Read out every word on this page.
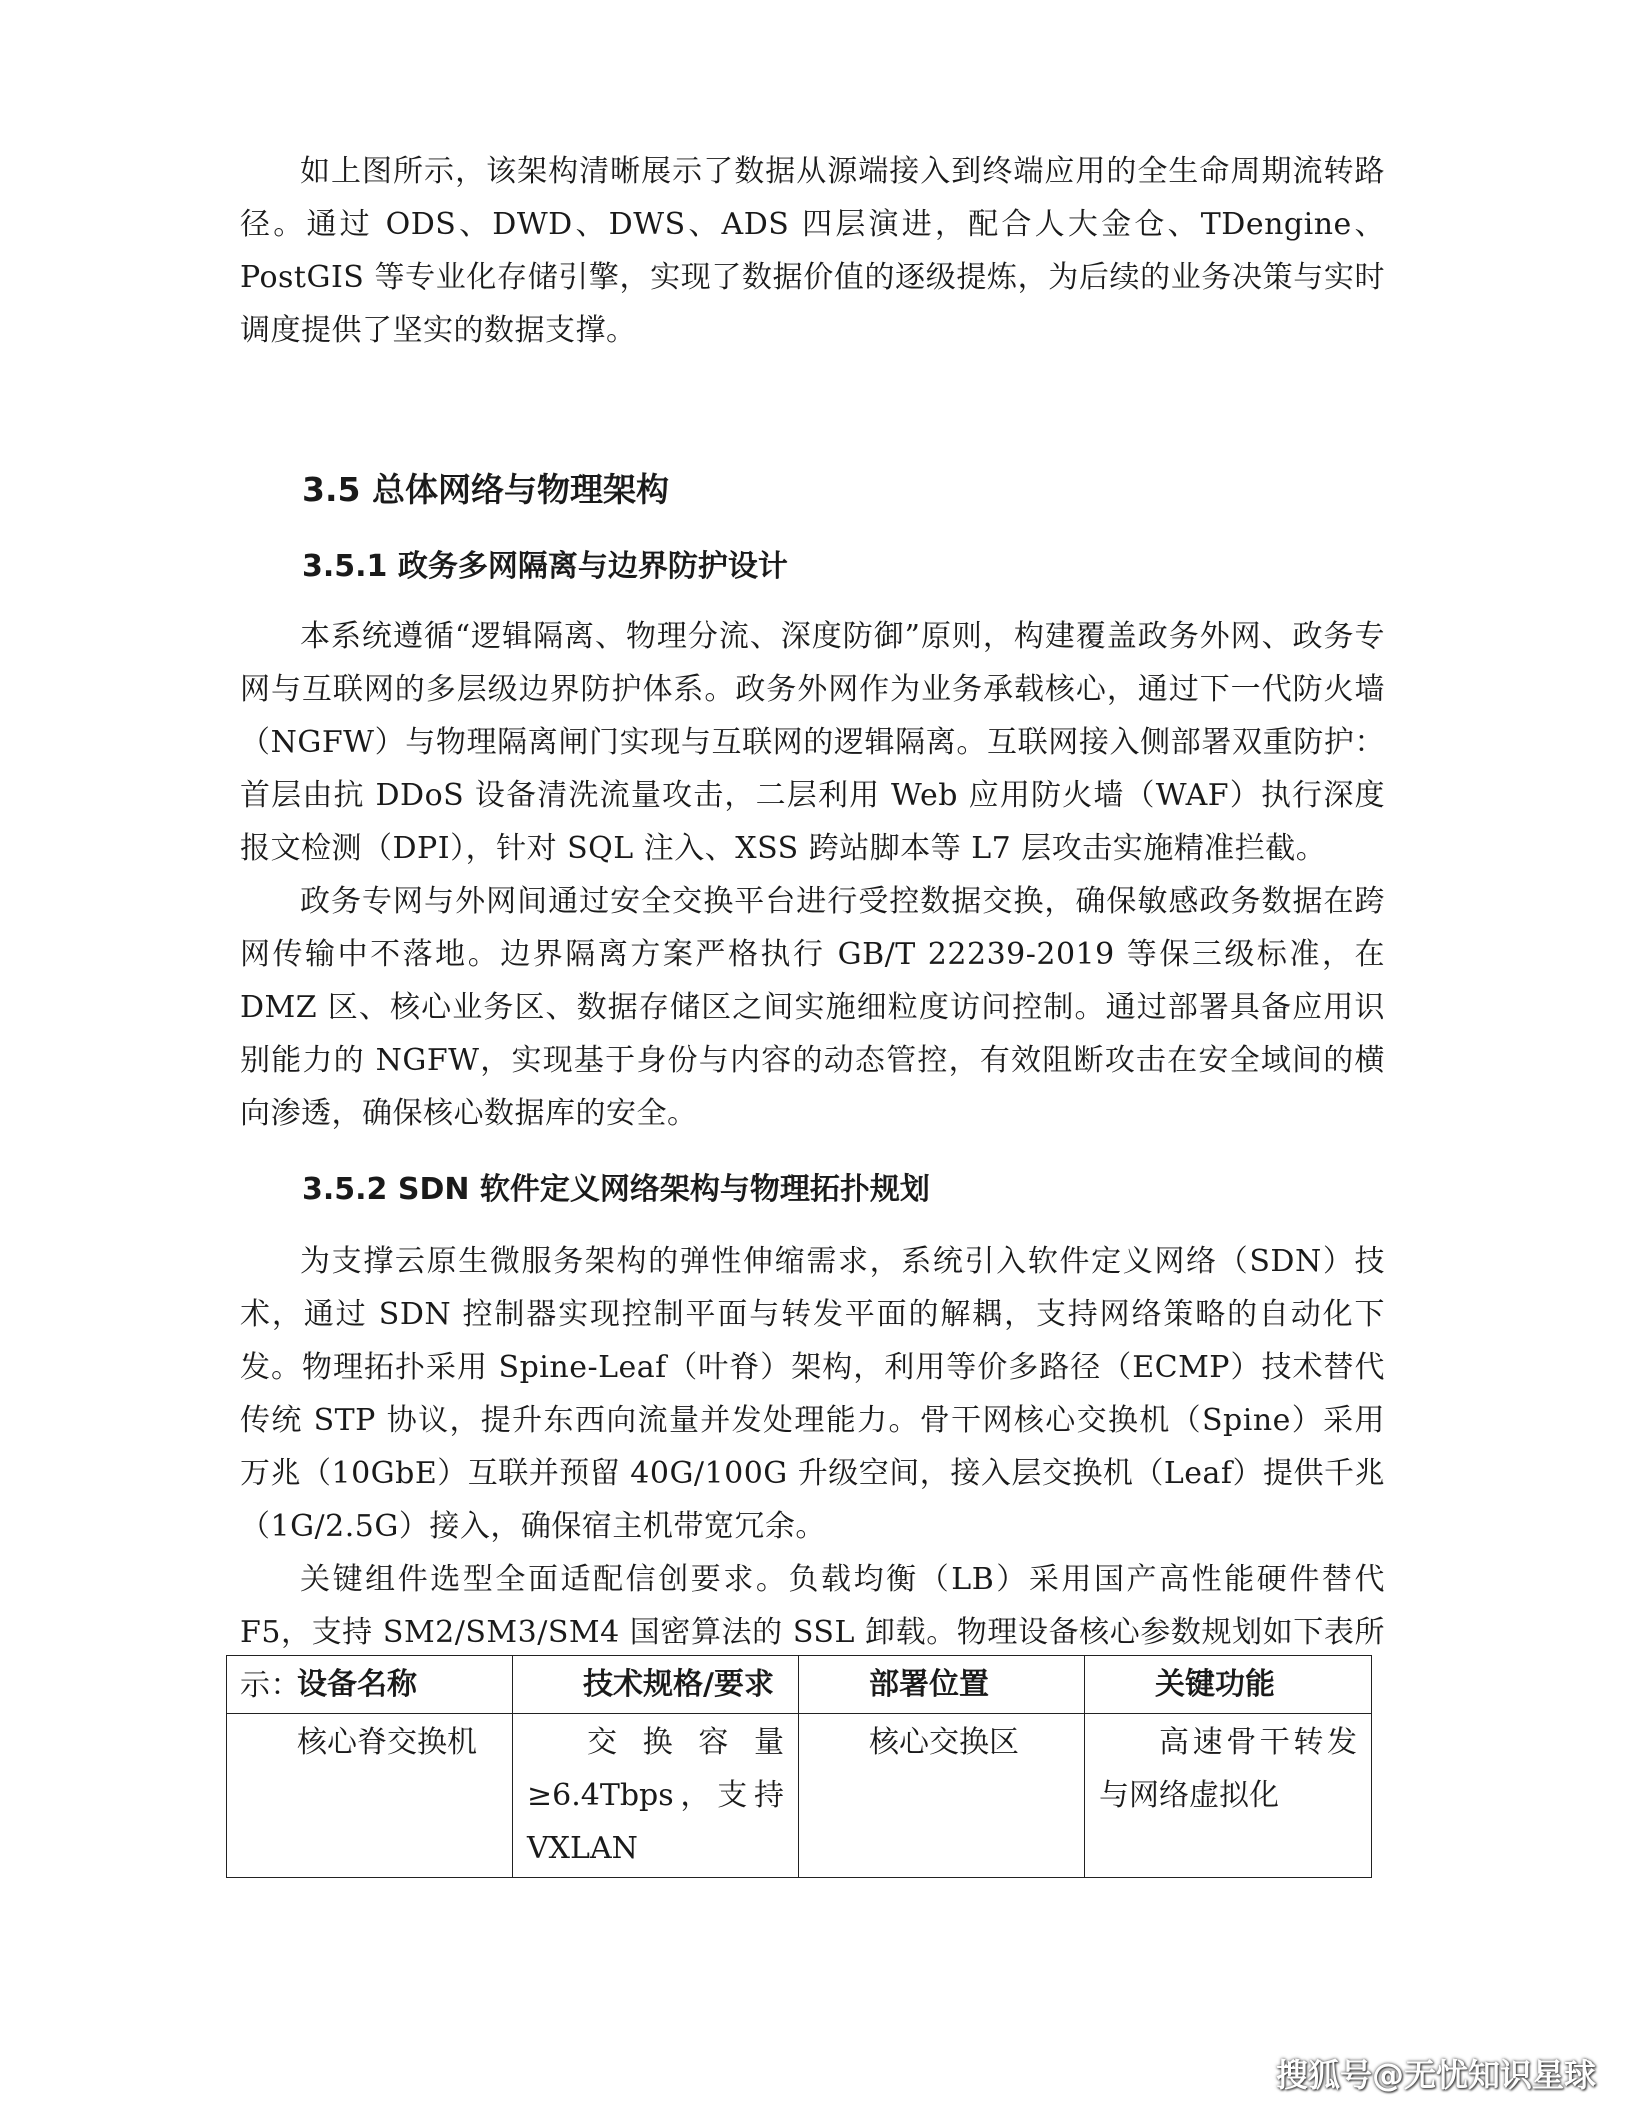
如上图所示，该架构清晰展示了数据从源端接入到终端应用的全生命周期流转路径。通过 ODS、DWD、DWS、ADS 四层演进，配合人大金仓、TDengine、PostGIS 等专业化存储引擎，实现了数据价值的逐级提炼，为后续的业务决策与实时调度提供了坚实的数据支撑。

3.5 总体网络与物理架构
3.5.1 政务多网隔离与边界防护设计

本系统遵循“逻辑隔离、物理分流、深度防御”原则，构建覆盖政务外网、政务专网与互联网的多层级边界防护体系。政务外网作为业务承载核心，通过下一代防火墙（NGFW）与物理隔离闸门实现与互联网的逻辑隔离。互联网接入侧部署双重防护：首层由抗 DDoS 设备清洗流量攻击，二层利用 Web 应用防火墙（WAF）执行深度报文检测（DPI），针对 SQL 注入、XSS 跨站脚本等 L7 层攻击实施精准拦截。

政务专网与外网间通过安全交换平台进行受控数据交换，确保敏感政务数据在跨网传输中不落地。边界隔离方案严格执行 GB/T 22239-2019 等保三级标准，在 DMZ 区、核心业务区、数据存储区之间实施细粒度访问控制。通过部署具备应用识别能力的 NGFW，实现基于身份与内容的动态管控，有效阻断攻击在安全域间的横向渗透，确保核心数据库的安全。

3.5.2 SDN 软件定义网络架构与物理拓扑规划

为支撑云原生微服务架构的弹性伸缩需求，系统引入软件定义网络（SDN）技术，通过 SDN 控制器实现控制平面与转发平面的解耦，支持网络策略的自动化下发。物理拓扑采用 Spine-Leaf（叶脊）架构，利用等价多路径（ECMP）技术替代传统 STP 协议，提升东西向流量并发处理能力。骨干网核心交换机（Spine）采用万兆（10GbE）互联并预留 40G/100G 升级空间，接入层交换机（Leaf）提供千兆（1G/2.5G）接入，确保宿主机带宽冗余。

关键组件选型全面适配信创要求。负载均衡（LB）采用国产高性能硬件替代 F5，支持 SM2/SM3/SM4 国密算法的 SSL 卸载。物理设备核心参数规划如下表所示：

设备名称	技术规格/要求	部署位置	关键功能
核心脊交换机	交换容量≥6.4Tbps，支持 VXLAN	核心交换区	高速骨干转发与网络虚拟化
搜狐号@无忧知识星球
